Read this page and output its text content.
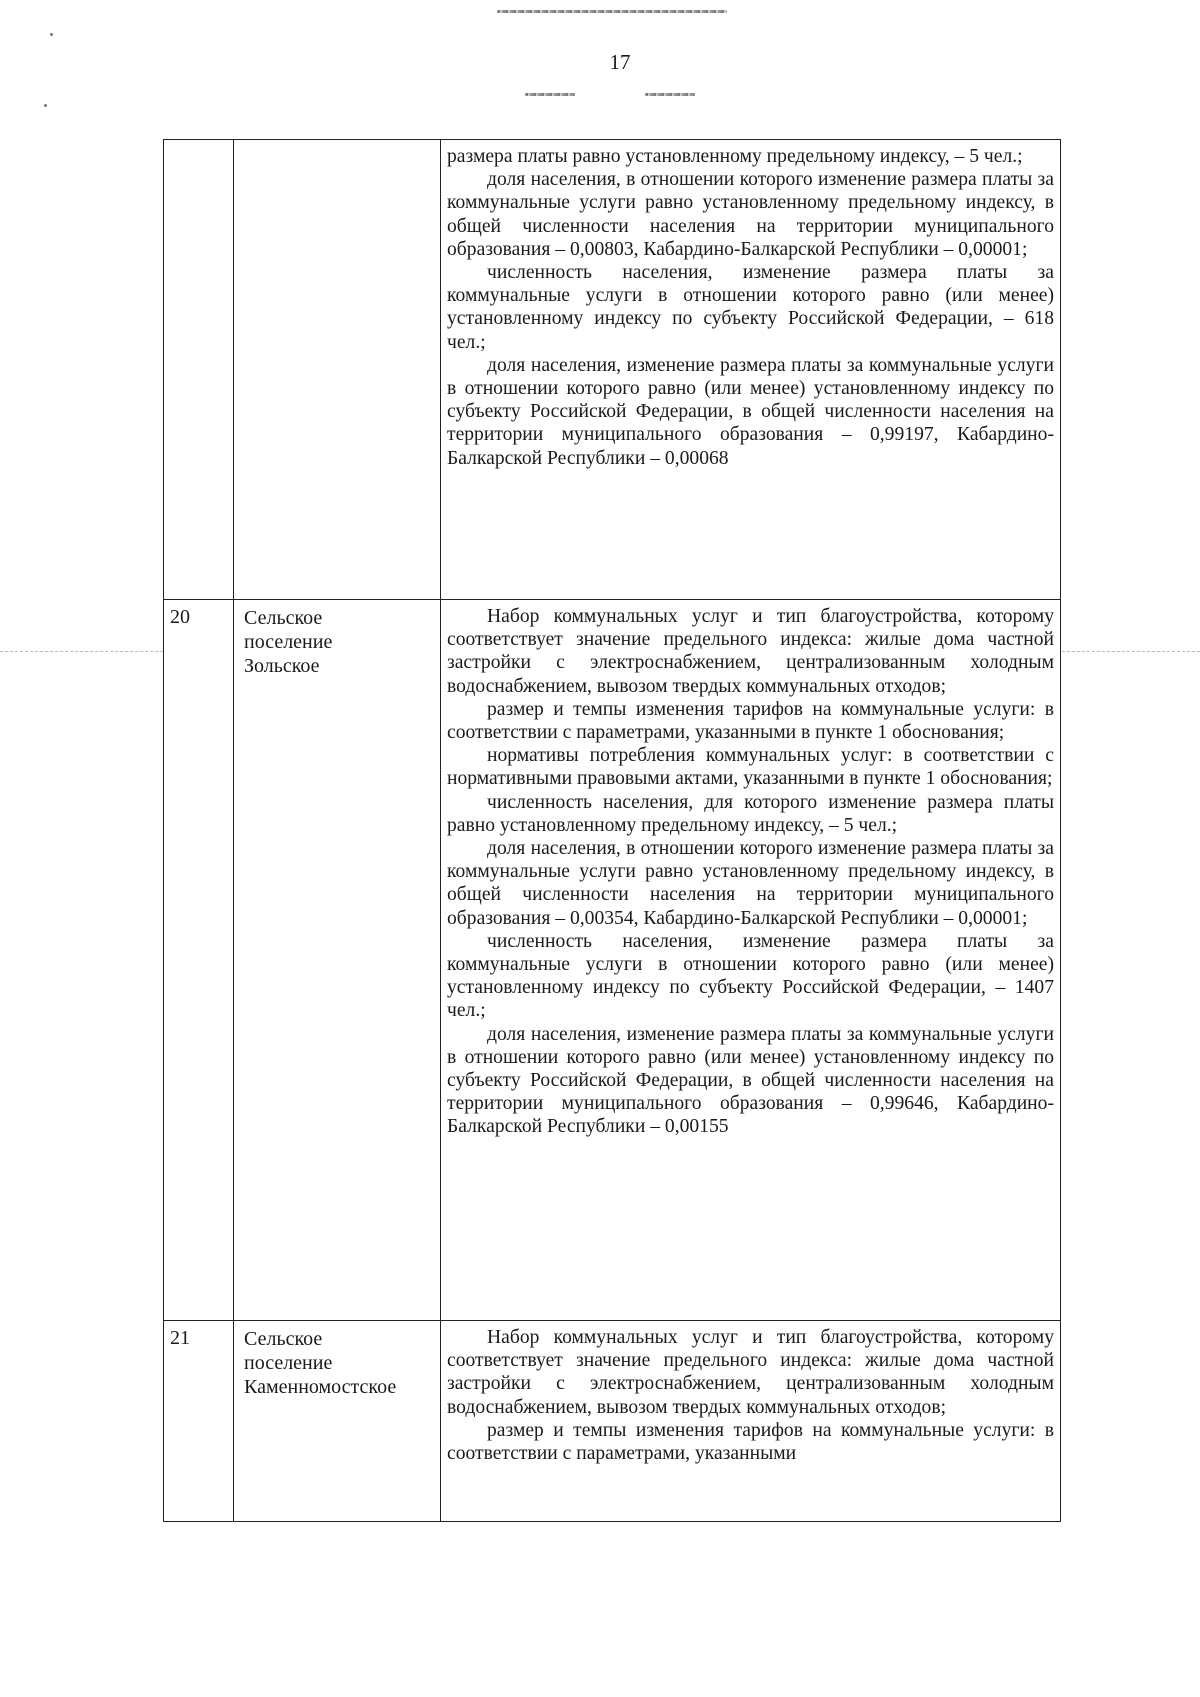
17

размера платы равно установленному предельному индексу, – 5 чел.;

доля населения, в отношении которого изменение размера платы за коммунальные услуги равно установленному предельному индексу, в общей численности населения на территории муниципального образования – 0,00803, Кабардино-Балкарской Республики – 0,00001;

численность населения, изменение размера платы за коммунальные услуги в отношении которого равно (или менее) установленному индексу по субъекту Российской Федерации, – 618 чел.;

доля населения, изменение размера платы за коммунальные услуги в отношении которого равно (или менее) установленному индексу по субъекту Российской Федерации, в общей численности населения на территории муниципального образования – 0,99197, Кабардино-Балкарской Республики – 0,00068

20	Сельское
поселение
Зольское

Набор коммунальных услуг и тип благоустройства, которому соответствует значение предельного индекса: жилые дома частной застройки с электроснабжением, централизованным холодным водоснабжением, вывозом твердых коммунальных отходов;

размер и темпы изменения тарифов на коммунальные услуги: в соответствии с параметрами, указанными в пункте 1 обоснования;

нормативы потребления коммунальных услуг: в соответствии с нормативными правовыми актами, указанными в пункте 1 обоснования;

численность населения, для которого изменение размера платы равно установленному предельному индексу, – 5 чел.;

доля населения, в отношении которого изменение размера платы за коммунальные услуги равно установленному предельному индексу, в общей численности населения на территории муниципального образования – 0,00354, Кабардино-Балкарской Республики – 0,00001;

численность населения, изменение размера платы за коммунальные услуги в отношении которого равно (или менее) установленному индексу по субъекту Российской Федерации, – 1407 чел.;

доля населения, изменение размера платы за коммунальные услуги в отношении которого равно (или менее) установленному индексу по субъекту Российской Федерации, в общей численности населения на территории муниципального образования – 0,99646, Кабардино-Балкарской Республики – 0,00155

21	Сельское
поселение
Каменномостское

Набор коммунальных услуг и тип благоустройства, которому соответствует значение предельного индекса: жилые дома частной застройки с электроснабжением, централизованным холодным водоснабжением, вывозом твердых коммунальных отходов;

размер и темпы изменения тарифов на коммунальные услуги: в соответствии с параметрами, указанными
